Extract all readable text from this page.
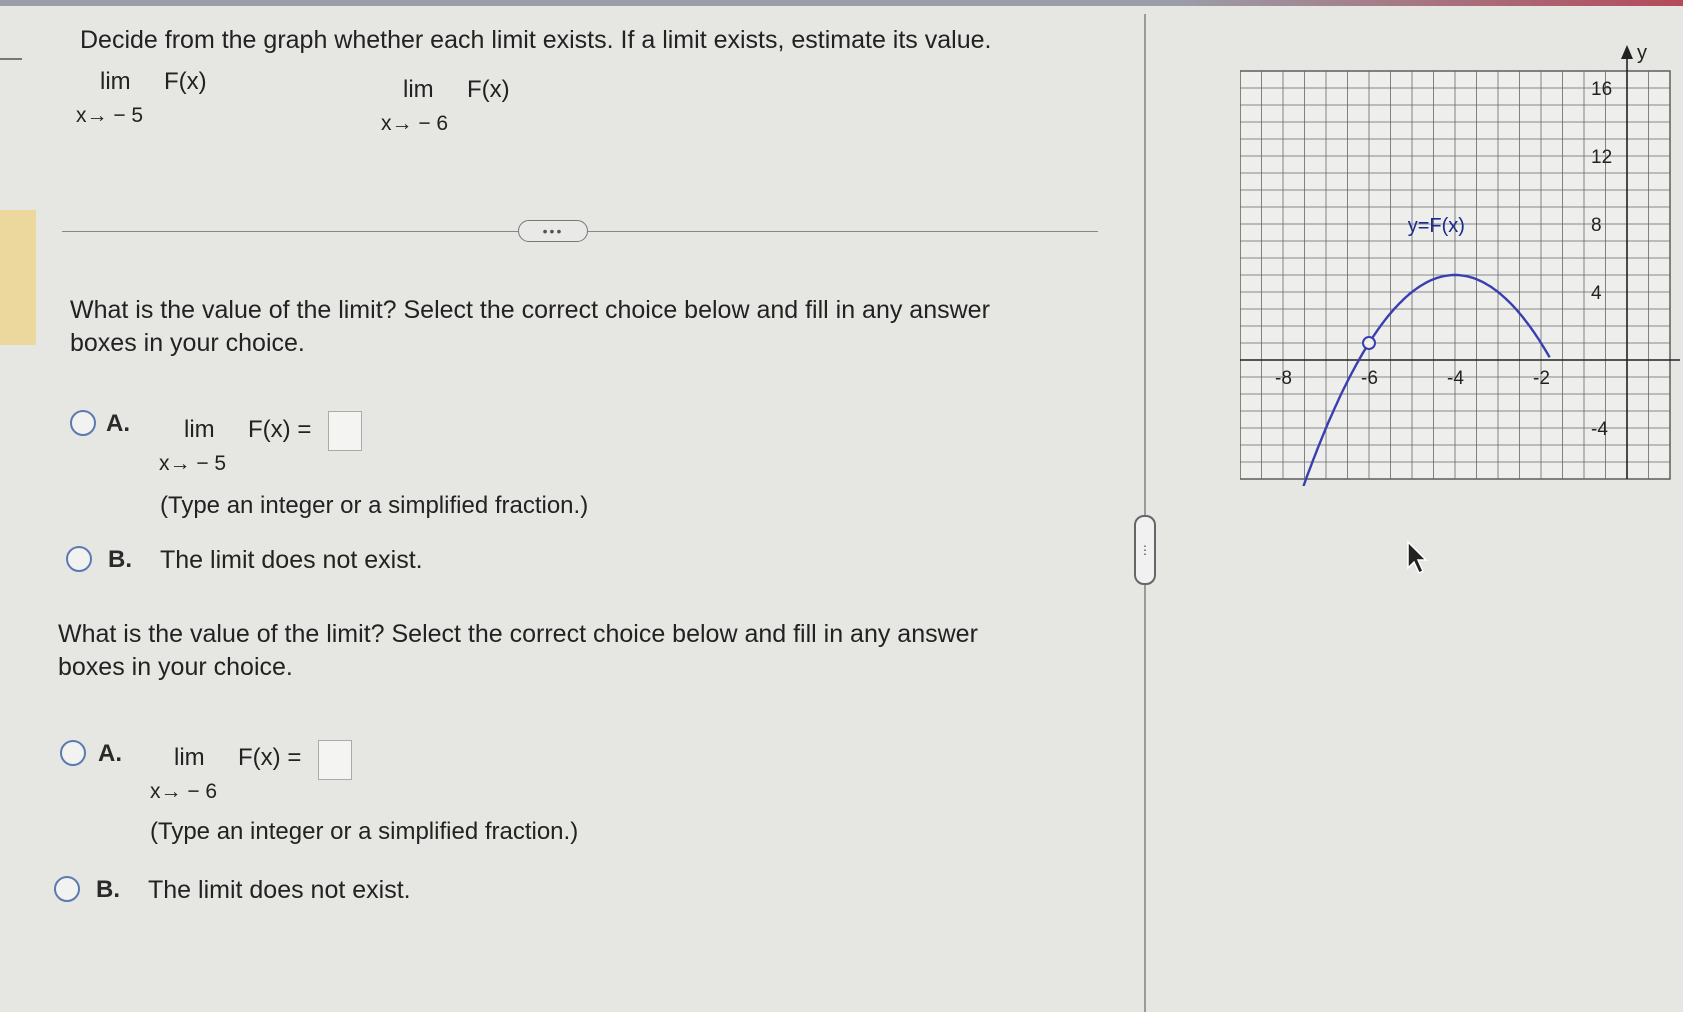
Decide from the graph whether each limit exists. If a limit exists, estimate its value.
lim F(x)
x→ − 5
lim F(x)
x→ − 6
•••
What is the value of the limit? Select the correct choice below and fill in any answer boxes in your choice.
A. lim
x→ − 5
F(x) =
(Type an integer or a simplified fraction.)
B. The limit does not exist.
What is the value of the limit? Select the correct choice below and fill in any answer boxes in your choice.
A. lim
x→ − 6
F(x) =
(Type an integer or a simplified fraction.)
B. The limit does not exist.
⋮
y
-8	-6	-4	-2
16
12
8
4
-4
y=F(x)
